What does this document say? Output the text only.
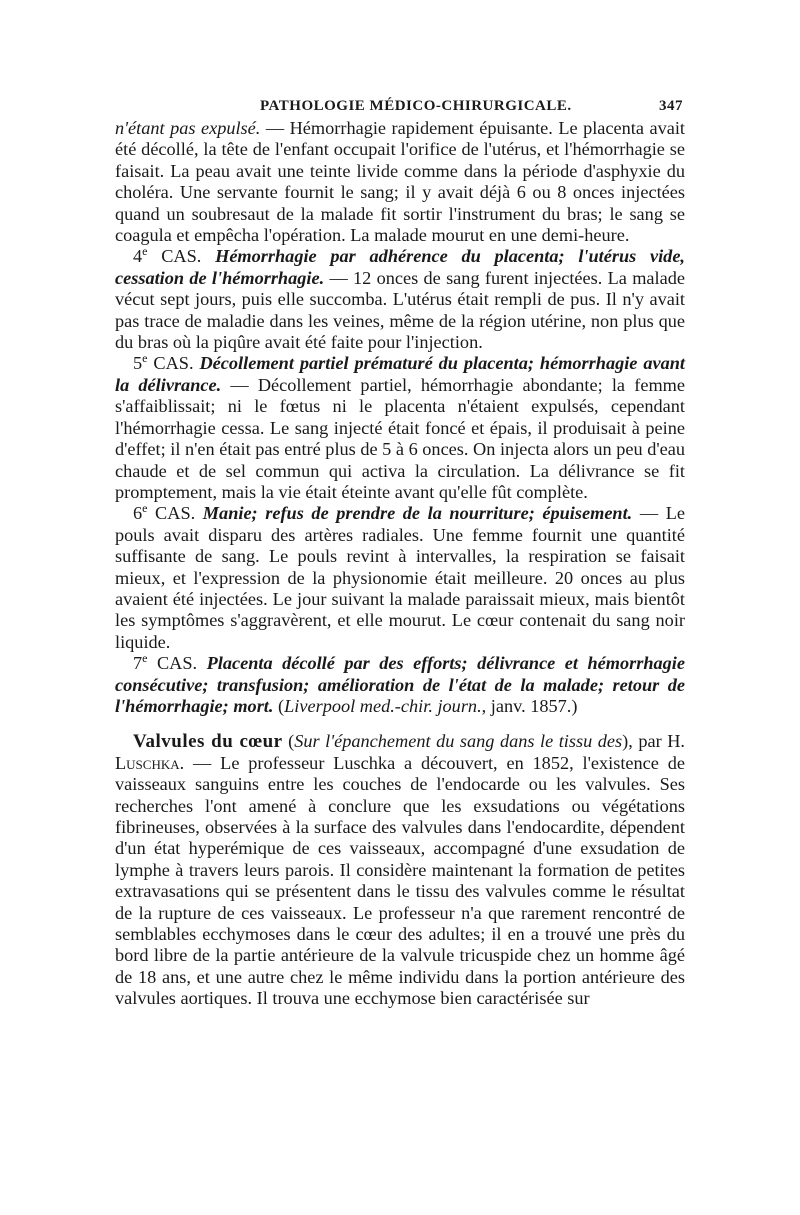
PATHOLOGIE MÉDICO-CHIRURGICALE.	347

n'étant pas expulsé. — Hémorrhagie rapidement épuisante. Le placenta avait été décollé, la tête de l'enfant occupait l'orifice de l'utérus, et l'hémorrhagie se faisait. La peau avait une teinte livide comme dans la période d'asphyxie du choléra. Une servante fournit le sang; il y avait déjà 6 ou 8 onces injectées quand un soubresaut de la malade fit sortir l'instrument du bras; le sang se coagula et empêcha l'opération. La malade mourut en une demi-heure.

4e CAS. Hémorrhagie par adhérence du placenta; l'utérus vide, cessation de l'hémorrhagie. — 12 onces de sang furent injectées. La malade vécut sept jours, puis elle succomba. L'utérus était rempli de pus. Il n'y avait pas trace de maladie dans les veines, même de la région utérine, non plus que du bras où la piqûre avait été faite pour l'injection.

5e CAS. Décollement partiel prématuré du placenta; hémorrhagie avant la délivrance. — Décollement partiel, hémorrhagie abondante; la femme s'affaiblissait; ni le fœtus ni le placenta n'étaient expulsés, cependant l'hémorrhagie cessa. Le sang injecté était foncé et épais, il produisait à peine d'effet; il n'en était pas entré plus de 5 à 6 onces. On injecta alors un peu d'eau chaude et de sel commun qui activa la circulation. La délivrance se fit promptement, mais la vie était éteinte avant qu'elle fût complète.

6e CAS. Manie; refus de prendre de la nourriture; épuisement. — Le pouls avait disparu des artères radiales. Une femme fournit une quantité suffisante de sang. Le pouls revint à intervalles, la respiration se faisait mieux, et l'expression de la physionomie était meilleure. 20 onces au plus avaient été injectées. Le jour suivant la malade paraissait mieux, mais bientôt les symptômes s'aggravèrent, et elle mourut. Le cœur contenait du sang noir liquide.

7e CAS. Placenta décollé par des efforts; délivrance et hémorrhagie consécutive; transfusion; amélioration de l'état de la malade; retour de l'hémorrhagie; mort. (Liverpool med.-chir. journ., janv. 1857.)

Valvules du cœur (Sur l'épanchement du sang dans le tissu des), par H. Luschka. — Le professeur Luschka a découvert, en 1852, l'existence de vaisseaux sanguins entre les couches de l'endocarde ou les valvules. Ses recherches l'ont amené à conclure que les exsudations ou végétations fibrineuses, observées à la surface des valvules dans l'endocardite, dépendent d'un état hyperémique de ces vaisseaux, accompagné d'une exsudation de lymphe à travers leurs parois. Il considère maintenant la formation de petites extravasations qui se présentent dans le tissu des valvules comme le résultat de la rupture de ces vaisseaux. Le professeur n'a que rarement rencontré de semblables ecchymoses dans le cœur des adultes; il en a trouvé une près du bord libre de la partie antérieure de la valvule tricuspide chez un homme âgé de 18 ans, et une autre chez le même individu dans la portion antérieure des valvules aortiques. Il trouva une ecchymose bien caractérisée sur
